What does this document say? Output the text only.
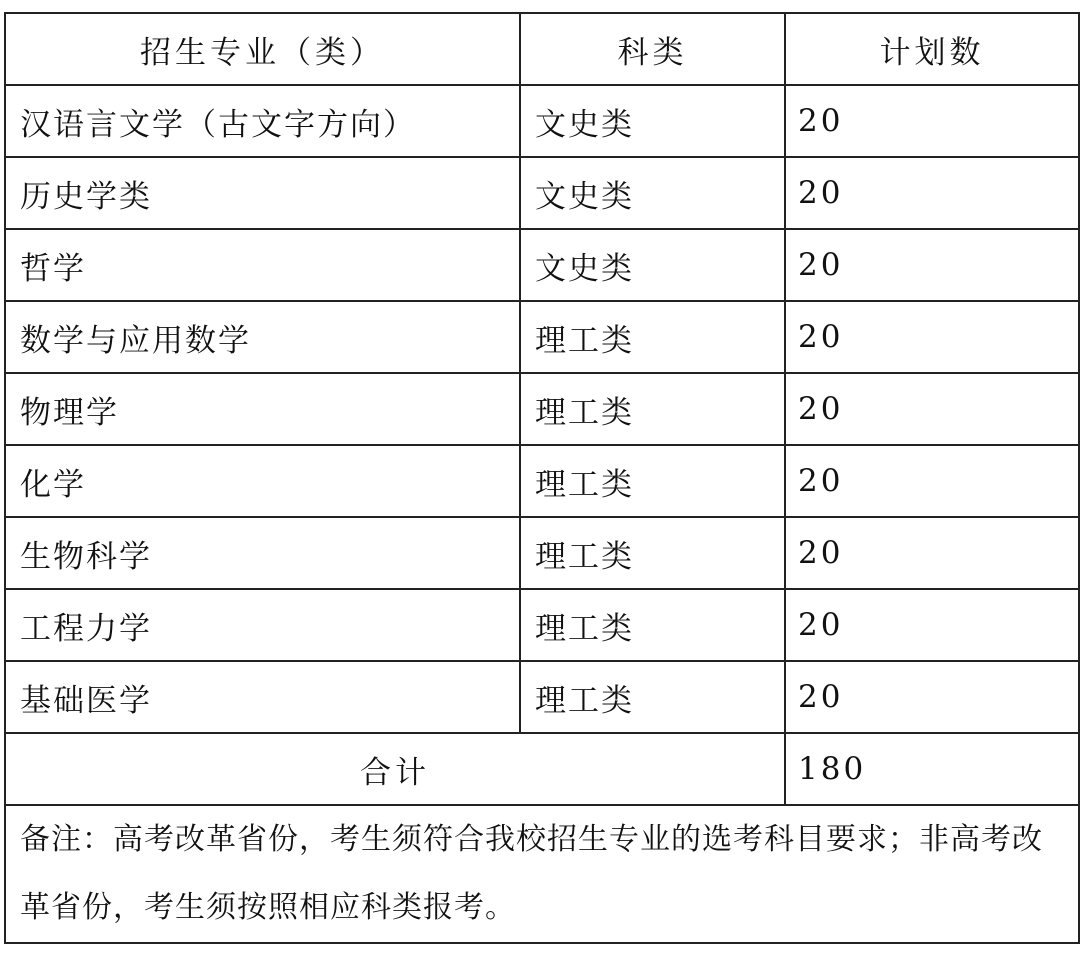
招生专业（类）	科类	计划数
汉语言文学（古文字方向）	文史类	20
历史学类	文史类	20
哲学	文史类	20
数学与应用数学	理工类	20
物理学	理工类	20
化学	理工类	20
生物科学	理工类	20
工程力学	理工类	20
基础医学	理工类	20
合计		180
备注：高考改革省份，考生须符合我校招生专业的选考科目要求；非高考改革省份，考生须按照相应科类报考。		
